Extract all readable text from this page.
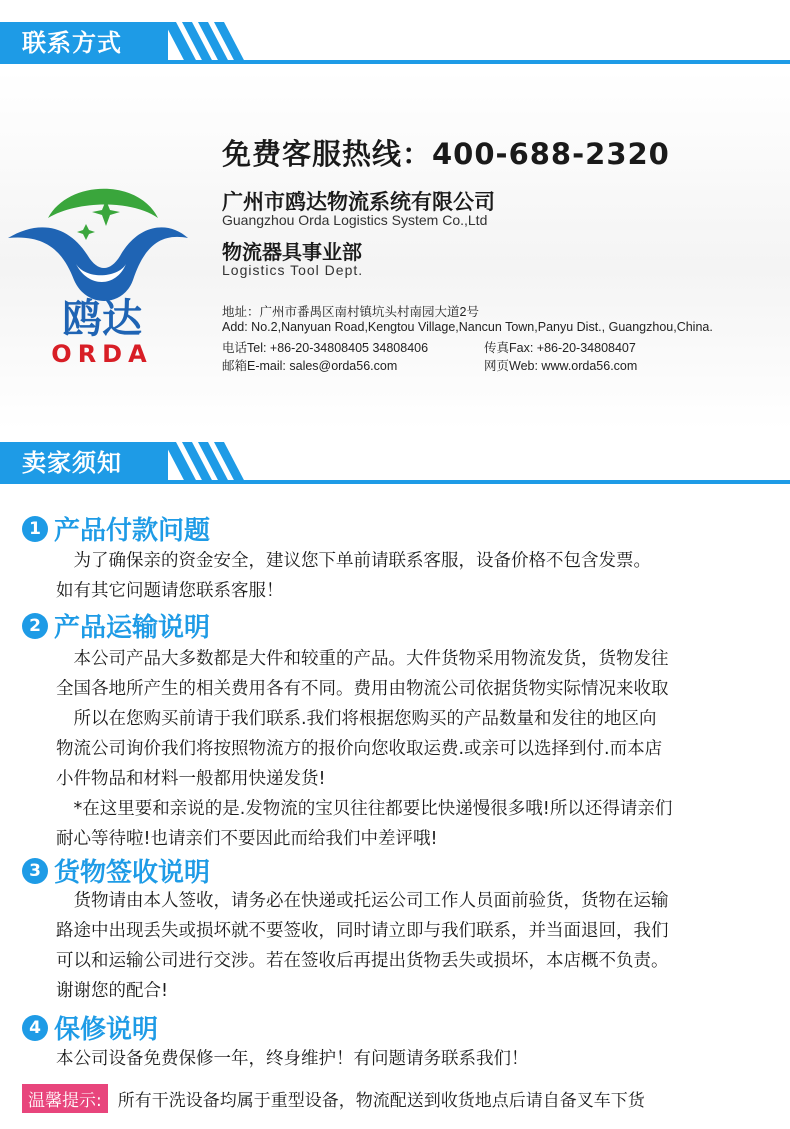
联系方式
鸥达
ORDA
免费客服热线：400-688-2320
广州市鸥达物流系统有限公司
Guangzhou Orda Logistics System Co.,Ltd
物流器具事业部
Logistics Tool Dept.
地址：广州市番禺区南村镇坑头村南园大道2号
Add: No.2,Nanyuan Road,Kengtou Village,Nancun Town,Panyu Dist., Guangzhou,China.
电话Tel: +86-20-34808405 34808406	传真Fax: +86-20-34808407
邮箱E-mail: sales@orda56.com	网页Web: www.orda56.com
卖家须知
1 产品付款问题
　为了确保亲的资金安全，建议您下单前请联系客服，设备价格不包含发票。
如有其它问题请您联系客服！
2 产品运输说明
　本公司产品大多数都是大件和较重的产品。大件货物采用物流发货，货物发往
全国各地所产生的相关费用各有不同。费用由物流公司依据货物实际情况来收取
　所以在您购买前请于我们联系.我们将根据您购买的产品数量和发往的地区向
物流公司询价我们将按照物流方的报价向您收取运费.或亲可以选择到付.而本店
小件物品和材料一般都用快递发货!
　*在这里要和亲说的是.发物流的宝贝往往都要比快递慢很多哦!所以还得请亲们
耐心等待啦!也请亲们不要因此而给我们中差评哦!
3 货物签收说明
　货物请由本人签收，请务必在快递或托运公司工作人员面前验货，货物在运输
路途中出现丢失或损坏就不要签收，同时请立即与我们联系，并当面退回，我们
可以和运输公司进行交涉。若在签收后再提出货物丢失或损坏，本店概不负责。
谢谢您的配合!
4 保修说明
本公司设备免费保修一年，终身维护！有问题请务联系我们！
温馨提示: 所有干洗设备均属于重型设备，物流配送到收货地点后请自备叉车下货
